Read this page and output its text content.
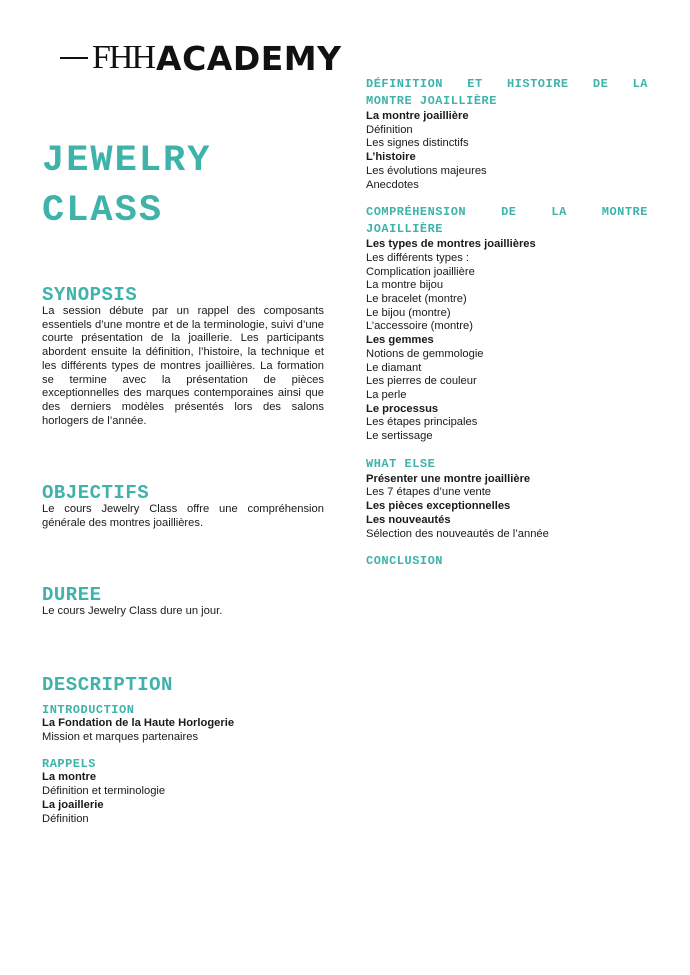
FHH ACADEMY
JEWELRY
CLASS
SYNOPSIS

La session débute par un rappel des composants essentiels d’une montre et de la terminologie, suivi d’une courte présentation de la joaillerie. Les participants abordent ensuite la définition, l’histoire, la technique et les différents types de montres joaillières. La formation se termine avec la présentation de pièces exceptionnelles des marques contemporaines ainsi que des derniers modèles présentés lors des salons horlogers de l’année.

OBJECTIFS

Le cours Jewelry Class offre une compréhension générale des montres joaillières.

DUREE

Le cours Jewelry Class dure un jour.

DESCRIPTION
INTRODUCTION
La Fondation de la Haute Horlogerie
Mission et marques partenaires
RAPPELS
La montre
Définition et terminologie
La joaillerie
Définition
DÉFINITION ET HISTOIRE DE LA
MONTRE JOAILLIÈRE
La montre joaillière
Définition
Les signes distinctifs
L’histoire
Les évolutions majeures
Anecdotes
COMPRÉHENSION	DE	LA	MONTRE
JOAILLIÈRE
Les types de montres joaillières
Les différents types :
Complication joaillière
La montre bijou
Le bracelet (montre)
Le bijou (montre)
L’accessoire (montre)
Les gemmes
Notions de gemmologie
Le diamant
Les pierres de couleur
La perle
Le processus
Les étapes principales
Le sertissage
WHAT ELSE
Présenter une montre joaillière
Les 7 étapes d’une vente
Les pièces exceptionnelles
Les nouveautés
Sélection des nouveautés de l’année
CONCLUSION
